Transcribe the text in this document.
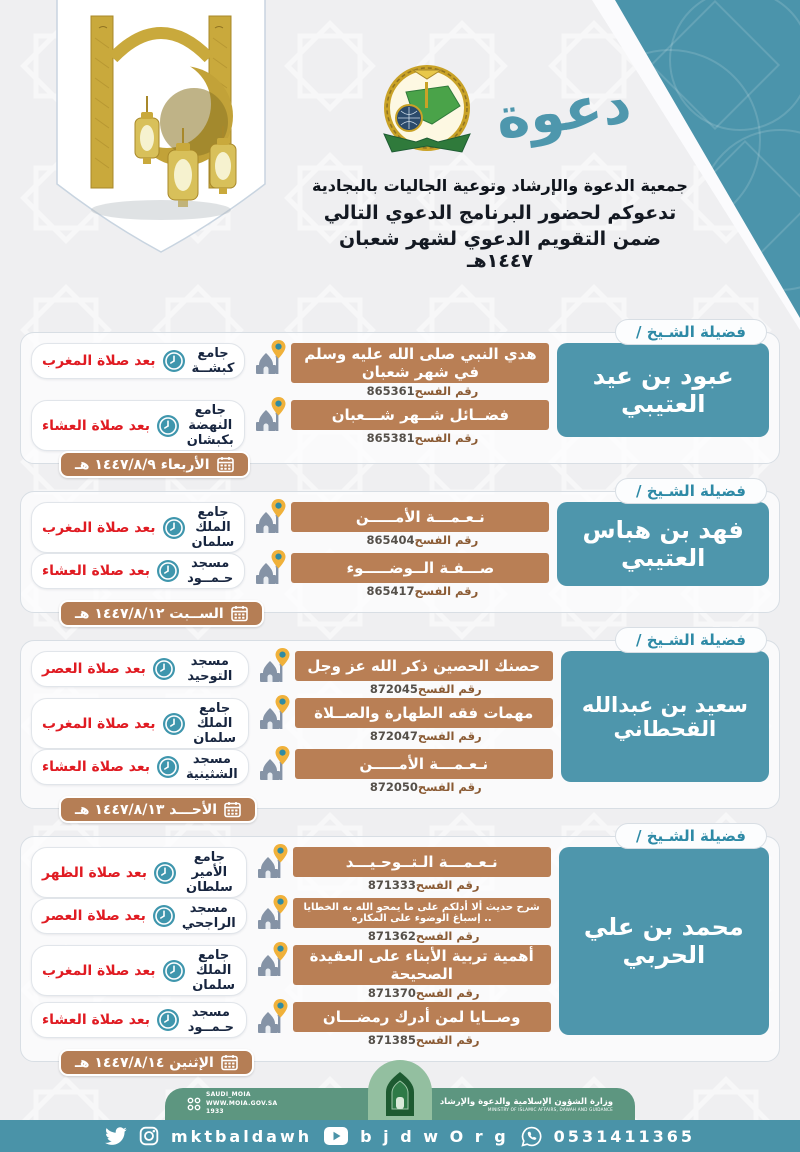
دعوة
جمعية الدعوة والإرشاد وتوعية الجاليات بالبجادية
تدعوكم لحضور البرنامج الدعوي التالي
ضمن التقويم الدعوي لشهر شعبان ١٤٤٧هـ
فضيلة الشـيخ /
عبود بن عيد العتيبي
هدي النبي صلى الله عليه وسلم في شهر شعبان
رقم الفسح865361
جامع كبشــة
بعد صلاة المغرب
فضــائل شــهر شـــعبان
رقم الفسح865381
جامع النهضة بكبشان
بعد صلاة العشاء
الأربعاء ١٤٤٧/٨/٩ هـ
فضيلة الشـيخ /
فهد بن هباس العتيبي
نـعـمـــة الأمـــــن
رقم الفسح865404
جامع الملك سلمان
بعد صلاة المغرب
صـــفـة الــوضـــــوء
رقم الفسح865417
مسجد حـمــود
بعد صلاة العشاء
الســبت ١٤٤٧/٨/١٢ هـ
فضيلة الشـيخ /
سعيد بن عبدالله القحطاني
حصنك الحصين ذكر الله عز وجل
رقم الفسح872045
مسجد التوحيد
بعد صلاة العصر
مهمات فقه الطهارة والصــلاة
رقم الفسح872047
جامع الملك سلمان
بعد صلاة المغرب
نـعـمـــة الأمـــــن
رقم الفسح872050
مسجد الشثينية
بعد صلاة العشاء
الأحـــد ١٤٤٧/٨/١٣ هـ
فضيلة الشـيخ /
محمد بن علي الحربي
نـعـمـــة الـتــوحـيـــد
رقم الفسح871333
جامع الأمير سلطان
بعد صلاة الظهر
شرح حديث ألا أدلكم على ما يمحو الله به الخطايا .. إسباغ الوضوء على المكاره
رقم الفسح871362
مسجد الراجحي
بعد صلاة العصر
أهمية تربية الأبناء على العقيدة الصحيحة
رقم الفسح871370
جامع الملك سلمان
بعد صلاة المغرب
وصــايا لمن أدرك رمضـــان
رقم الفسح871385
مسجد حـمــود
بعد صلاة العشاء
الإثنين ١٤٤٧/٨/١٤ هـ
SAUDI_MOIA
WWW.MOIA.GOV.SA
1933
وزارة الشؤون الإسلامية والدعوة والإرشاد
MINISTRY OF ISLAMIC AFFAIRS, DAWAH AND GUIDANCE
mktbaldawh	b j d w O r g	0531411365
